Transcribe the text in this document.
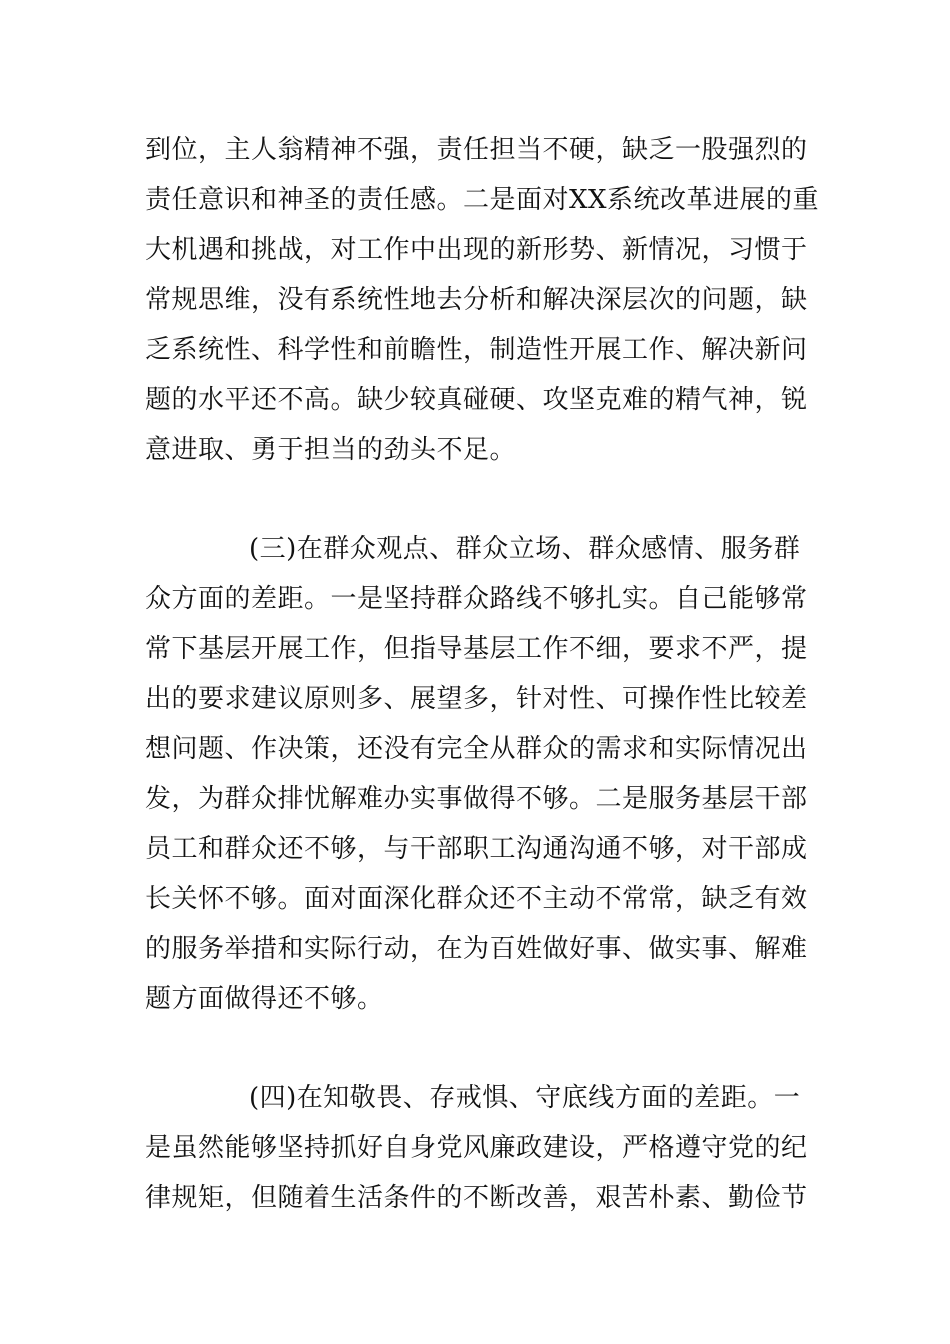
到位，主人翁精神不强，责任担当不硬，缺乏一股强烈的
责任意识和神圣的责任感。二是面对XX系统改革进展的重
大机遇和挑战，对工作中出现的新形势、新情况，习惯于
常规思维，没有系统性地去分析和解决深层次的问题，缺
乏系统性、科学性和前瞻性，制造性开展工作、解决新问
题的水平还不高。缺少较真碰硬、攻坚克难的精气神，锐
意进取、勇于担当的劲头不足。
(三)在群众观点、群众立场、群众感情、服务群
众方面的差距。一是坚持群众路线不够扎实。自己能够常
常下基层开展工作，但指导基层工作不细，要求不严，提
出的要求建议原则多、展望多，针对性、可操作性比较差
想问题、作决策，还没有完全从群众的需求和实际情况出
发，为群众排忧解难办实事做得不够。二是服务基层干部
员工和群众还不够，与干部职工沟通沟通不够，对干部成
长关怀不够。面对面深化群众还不主动不常常，缺乏有效
的服务举措和实际行动，在为百姓做好事、做实事、解难
题方面做得还不够。
(四)在知敬畏、存戒惧、守底线方面的差距。一
是虽然能够坚持抓好自身党风廉政建设，严格遵守党的纪
律规矩，但随着生活条件的不断改善，艰苦朴素、勤俭节
